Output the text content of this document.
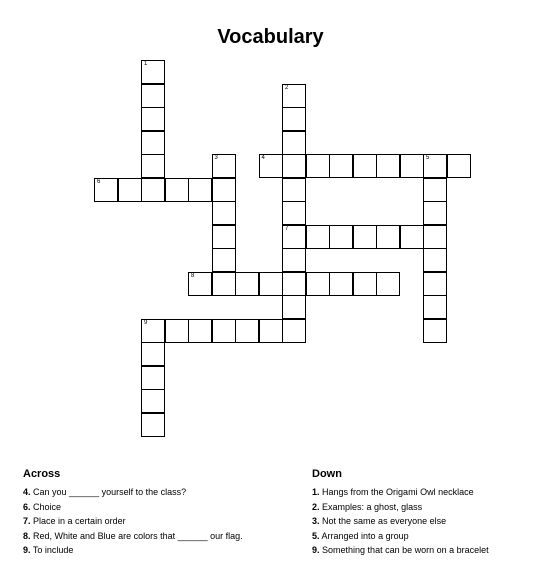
Vocabulary
1
2
7
3	4	5
6
8
9
Across
4. Can you ______ yourself to the class?
6. Choice
7. Place in a certain order
8. Red, White and Blue are colors that ______ our flag.
9. To include
Down
1. Hangs from the Origami Owl necklace
2. Examples: a ghost, glass
3. Not the same as everyone else
5. Arranged into a group
9. Something that can be worn on a bracelet
